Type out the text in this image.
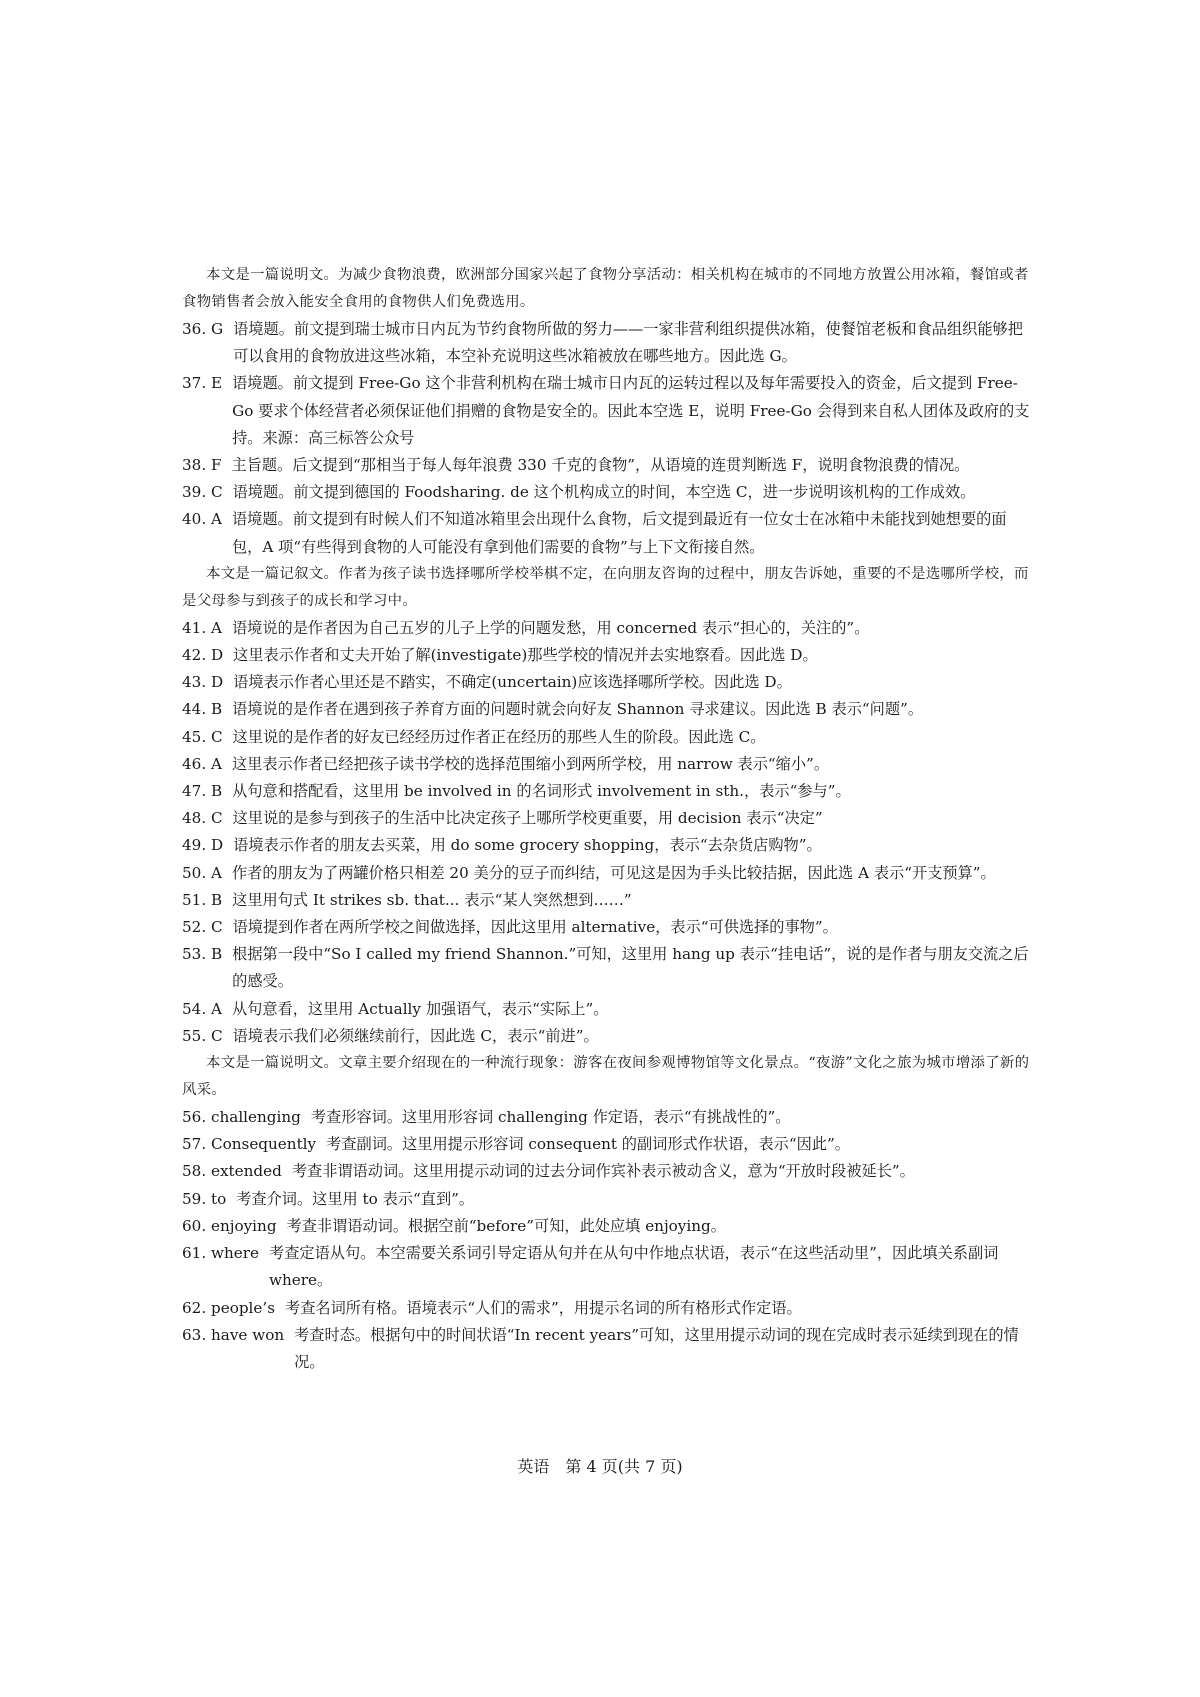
本文是一篇说明文。为减少食物浪费，欧洲部分国家兴起了食物分享活动：相关机构在城市的不同地方放置公用冰箱，餐馆或者食物销售者会放入能安全食用的食物供人们免费选用。

36. G 语境题。前文提到瑞士城市日内瓦为节约食物所做的努力——一家非营利组织提供冰箱，使餐馆老板和食品组织能够把可以食用的食物放进这些冰箱，本空补充说明这些冰箱被放在哪些地方。因此选 G。
37. E 语境题。前文提到 Free-Go 这个非营利机构在瑞士城市日内瓦的运转过程以及每年需要投入的资金，后文提到 Free-Go 要求个体经营者必须保证他们捐赠的食物是安全的。因此本空选 E，说明 Free-Go 会得到来自私人团体及政府的支持。来源：高三标答公众号
38. F 主旨题。后文提到“那相当于每人每年浪费 330 千克的食物”，从语境的连贯判断选 F，说明食物浪费的情况。
39. C 语境题。前文提到德国的 Foodsharing. de 这个机构成立的时间，本空选 C，进一步说明该机构的工作成效。
40. A 语境题。前文提到有时候人们不知道冰箱里会出现什么食物，后文提到最近有一位女士在冰箱中未能找到她想要的面包，A 项“有些得到食物的人可能没有拿到他们需要的食物”与上下文衔接自然。

本文是一篇记叙文。作者为孩子读书选择哪所学校举棋不定，在向朋友咨询的过程中，朋友告诉她，重要的不是选哪所学校，而是父母参与到孩子的成长和学习中。

41. A 语境说的是作者因为自己五岁的儿子上学的问题发愁，用 concerned 表示“担心的，关注的”。
42. D 这里表示作者和丈夫开始了解(investigate)那些学校的情况并去实地察看。因此选 D。
43. D 语境表示作者心里还是不踏实，不确定(uncertain)应该选择哪所学校。因此选 D。
44. B 语境说的是作者在遇到孩子养育方面的问题时就会向好友 Shannon 寻求建议。因此选 B 表示“问题”。
45. C 这里说的是作者的好友已经经历过作者正在经历的那些人生的阶段。因此选 C。
46. A 这里表示作者已经把孩子读书学校的选择范围缩小到两所学校，用 narrow 表示“缩小”。
47. B 从句意和搭配看，这里用 be involved in 的名词形式 involvement in sth.，表示“参与”。
48. C 这里说的是参与到孩子的生活中比决定孩子上哪所学校更重要，用 decision 表示“决定”
49. D 语境表示作者的朋友去买菜，用 do some grocery shopping，表示“去杂货店购物”。
50. A 作者的朋友为了两罐价格只相差 20 美分的豆子而纠结，可见这是因为手头比较拮据，因此选 A 表示“开支预算”。
51. B 这里用句式 It strikes sb. that... 表示“某人突然想到……”
52. C 语境提到作者在两所学校之间做选择，因此这里用 alternative，表示“可供选择的事物”。
53. B 根据第一段中“So I called my friend Shannon.”可知，这里用 hang up 表示“挂电话”，说的是作者与朋友交流之后的感受。
54. A 从句意看，这里用 Actually 加强语气，表示“实际上”。
55. C 语境表示我们必须继续前行，因此选 C，表示“前进”。

本文是一篇说明文。文章主要介绍现在的一种流行现象：游客在夜间参观博物馆等文化景点。“夜游”文化之旅为城市增添了新的风采。

56. challenging 考查形容词。这里用形容词 challenging 作定语，表示“有挑战性的”。
57. Consequently 考查副词。这里用提示形容词 consequent 的副词形式作状语，表示“因此”。
58. extended 考查非谓语动词。这里用提示动词的过去分词作宾补表示被动含义，意为“开放时段被延长”。
59. to 考查介词。这里用 to 表示“直到”。
60. enjoying 考查非谓语动词。根据空前“before”可知，此处应填 enjoying。
61. where 考查定语从句。本空需要关系词引导定语从句并在从句中作地点状语，表示“在这些活动里”，因此填关系副词 where。
62. people’s 考查名词所有格。语境表示“人们的需求”，用提示名词的所有格形式作定语。
63. have won 考查时态。根据句中的时间状语“In recent years”可知，这里用提示动词的现在完成时表示延续到现在的情况。
英语　第 4 页(共 7 页)
